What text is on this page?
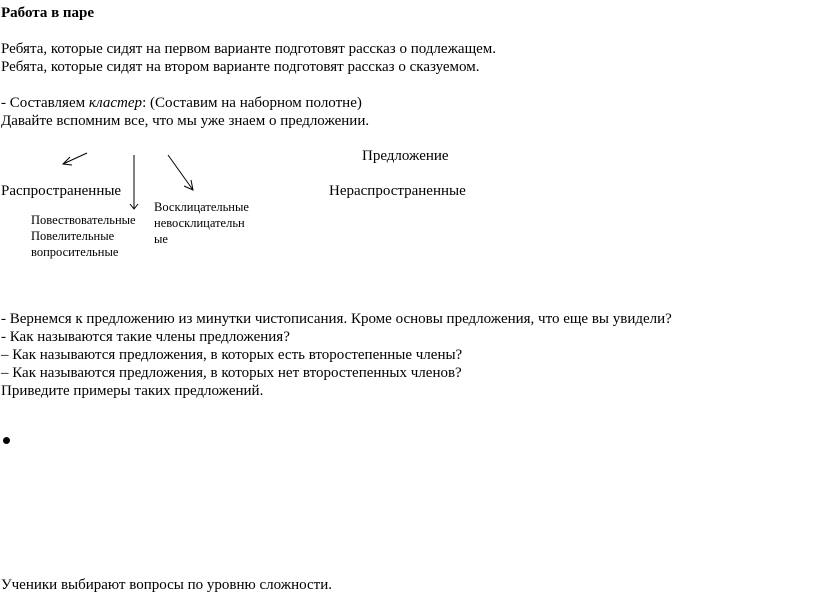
Работа в паре
Ребята, которые сидят на первом варианте подготовят рассказ о подлежащем.
Ребята, которые сидят на втором варианте подготовят рассказ о сказуемом.
- Составляем кластер: (Составим на наборном полотне)
Давайте вспомним все, что мы уже знаем о предложении.
Предложение
Распространенные	Нераспространенные
Повествовательные
Повелительные
вопросительные
Восклицательные
невосклицательн
ые
- Вернемся к предложению из минутки чистописания. Кроме основы предложения, что еще вы увидели?
- Как называются такие члены предложения?
– Как называются предложения, в которых есть второстепенные члены?
– Как называются предложения, в которых нет второстепенных членов?
Приведите примеры таких предложений.
Ученики выбирают вопросы по уровню сложности.
